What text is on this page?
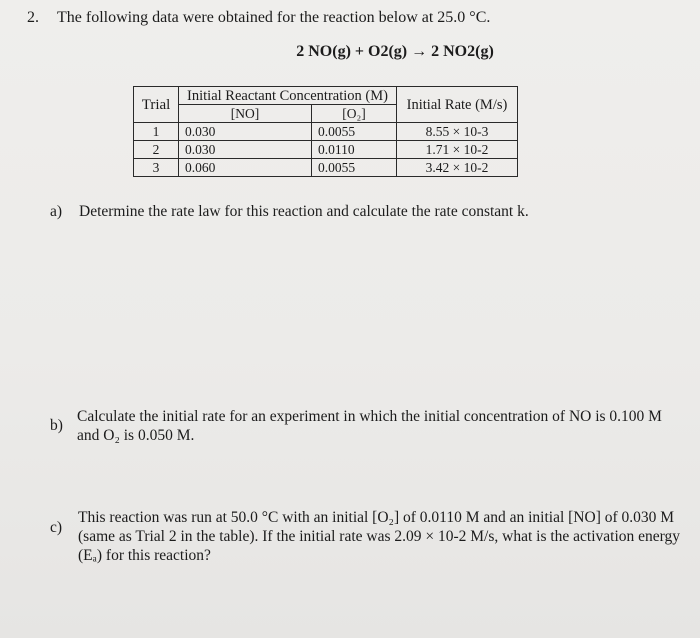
2. The following data were obtained for the reaction below at 25.0 °C.
2 NO(g) + O2(g) → 2 NO2(g)
Trial	Initial Reactant Concentration (M)		Initial Rate (M/s)
	[NO]	[O₂]	
1	0.030	0.0055	8.55 × 10-3
2	0.030	0.0110	1.71 × 10-2
3	0.060	0.0055	3.42 × 10-2
a) Determine the rate law for this reaction and calculate the rate constant k.
b)
Calculate the initial rate for an experiment in which the initial concentration of NO is 0.100 M and O₂ is 0.050 M.
c)
This reaction was run at 50.0 °C with an initial [O₂] of 0.0110 M and an initial [NO] of 0.030 M (same as Trial 2 in the table). If the initial rate was 2.09 × 10-2 M/s, what is the activation energy (Eₐ) for this reaction?
